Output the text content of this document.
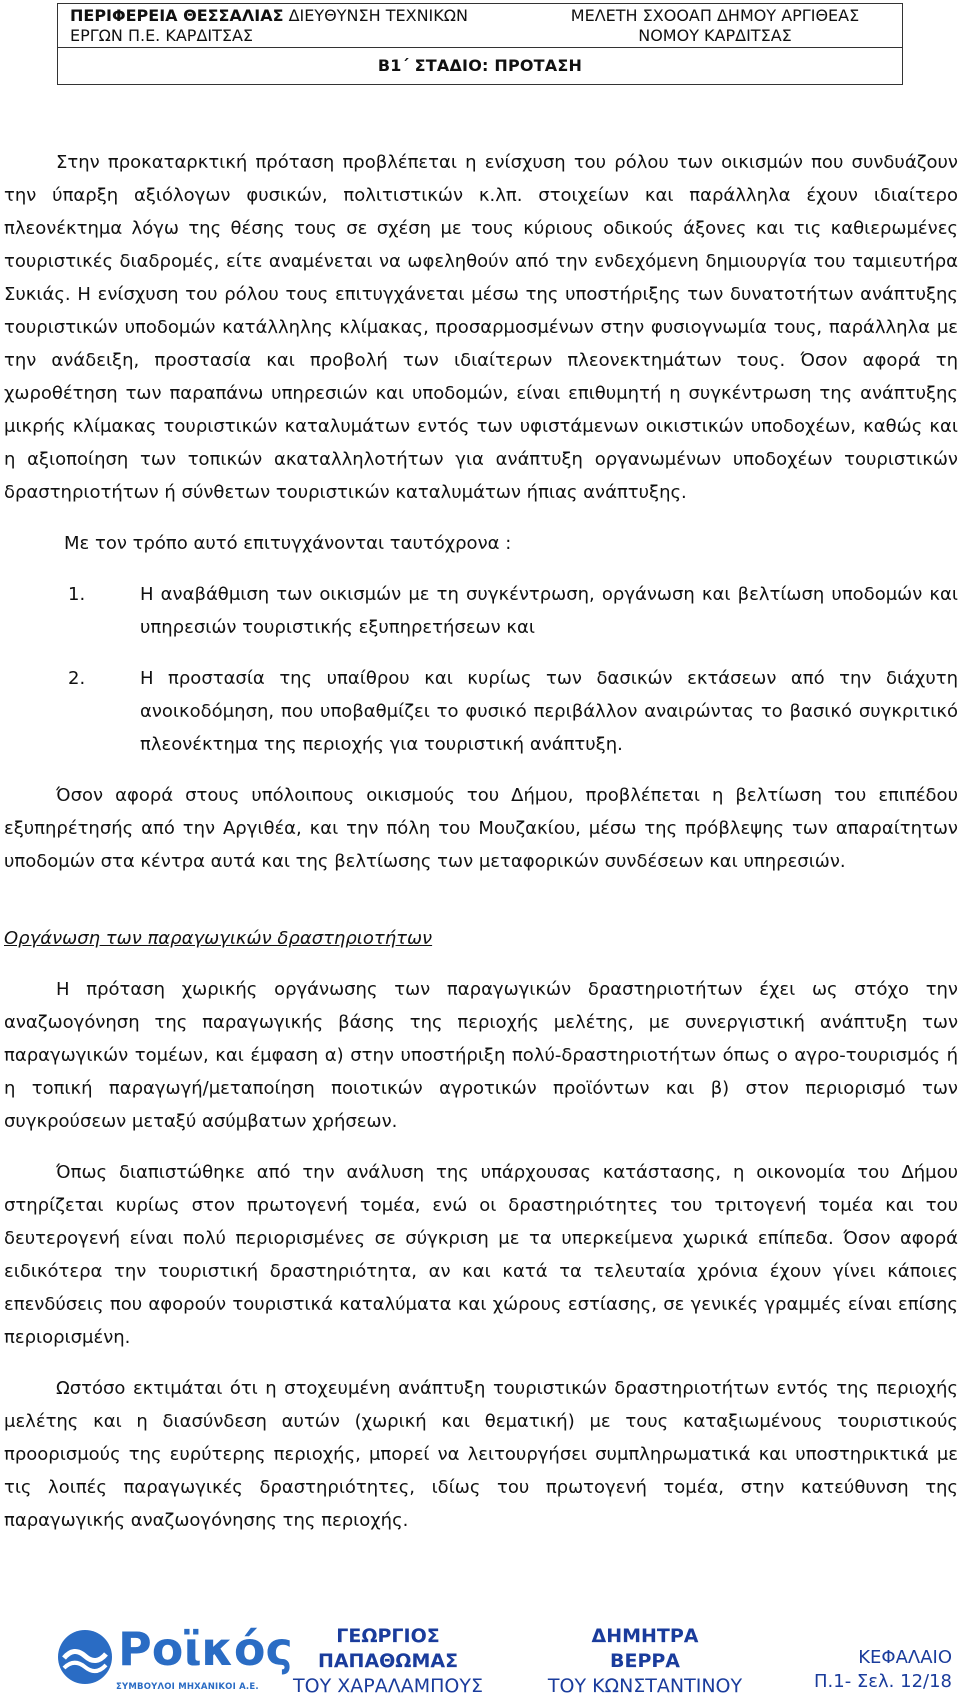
ΠΕΡΙΦΕΡΕΙΑ ΘΕΣΣΑΛΙΑΣ ΔΙΕΥΘΥΝΣΗ ΤΕΧΝΙΚΩΝ ΕΡΓΩΝ Π.Ε. ΚΑΡΔΙΤΣΑΣ
ΜΕΛΕΤΗ ΣΧΟΟΑΠ ΔΗΜΟΥ ΑΡΓΙΘΕΑΣ ΝΟΜΟΥ ΚΑΡΔΙΤΣΑΣ
Β1΄ ΣΤΑΔΙΟ: ΠΡΟΤΑΣΗ

Στην προκαταρκτική πρόταση προβλέπεται η ενίσχυση του ρόλου των οικισμών που συνδυάζουν την ύπαρξη αξιόλογων φυσικών, πολιτιστικών κ.λπ. στοιχείων και παράλληλα έχουν ιδιαίτερο πλεονέκτημα λόγω της θέσης τους σε σχέση με τους κύριους οδικούς άξονες και τις καθιερωμένες τουριστικές διαδρομές, είτε αναμένεται να ωφεληθούν από την ενδεχόμενη δημιουργία του ταμιευτήρα Συκιάς. Η ενίσχυση του ρόλου τους επιτυγχάνεται μέσω της υποστήριξης των δυνατοτήτων ανάπτυξης τουριστικών υποδομών κατάλληλης κλίμακας, προσαρμοσμένων στην φυσιογνωμία τους, παράλληλα με την ανάδειξη, προστασία και προβολή των ιδιαίτερων πλεονεκτημάτων τους. Όσον αφορά τη χωροθέτηση των παραπάνω υπηρεσιών και υποδομών, είναι επιθυμητή η συγκέντρωση της ανάπτυξης μικρής κλίμακας τουριστικών καταλυμάτων εντός των υφιστάμενων οικιστικών υποδοχέων, καθώς και η αξιοποίηση των τοπικών ακαταλληλοτήτων για ανάπτυξη οργανωμένων υποδοχέων τουριστικών δραστηριοτήτων ή σύνθετων τουριστικών καταλυμάτων ήπιας ανάπτυξης.

Με τον τρόπο αυτό επιτυγχάνονται ταυτόχρονα :

1.	Η αναβάθμιση των οικισμών με τη συγκέντρωση, οργάνωση και βελτίωση υποδομών και υπηρεσιών τουριστικής εξυπηρετήσεων και
2.	Η προστασία της υπαίθρου και κυρίως των δασικών εκτάσεων από την διάχυτη ανοικοδόμηση, που υποβαθμίζει το φυσικό περιβάλλον αναιρώντας το βασικό συγκριτικό πλεονέκτημα της περιοχής για τουριστική ανάπτυξη.

Όσον αφορά στους υπόλοιπους οικισμούς του Δήμου, προβλέπεται η βελτίωση του επιπέδου εξυπηρέτησής από την Αργιθέα, και την πόλη του Μουζακίου, μέσω της πρόβλεψης των απαραίτητων υποδομών στα κέντρα αυτά και της βελτίωσης των μεταφορικών συνδέσεων και υπηρεσιών.

Οργάνωση των παραγωγικών δραστηριοτήτων

Η πρόταση χωρικής οργάνωσης των παραγωγικών δραστηριοτήτων έχει ως στόχο την αναζωογόνηση της παραγωγικής βάσης της περιοχής μελέτης, με συνεργιστική ανάπτυξη των παραγωγικών τομέων, και έμφαση α) στην υποστήριξη πολύ-δραστηριοτήτων όπως ο αγρο-τουρισμός ή η τοπική παραγωγή/μεταποίηση ποιοτικών αγροτικών προϊόντων και β) στον περιορισμό των συγκρούσεων μεταξύ ασύμβατων χρήσεων.

Όπως διαπιστώθηκε από την ανάλυση της υπάρχουσας κατάστασης, η οικονομία του Δήμου στηρίζεται κυρίως στον πρωτογενή τομέα, ενώ οι δραστηριότητες του τριτογενή τομέα και του δευτερογενή είναι πολύ περιορισμένες σε σύγκριση με τα υπερκείμενα χωρικά επίπεδα. Όσον αφορά ειδικότερα την τουριστική δραστηριότητα, αν και κατά τα τελευταία χρόνια έχουν γίνει κάποιες επενδύσεις που αφορούν τουριστικά καταλύματα και χώρους εστίασης, σε γενικές γραμμές είναι επίσης περιορισμένη.

Ωστόσο εκτιμάται ότι η στοχευμένη ανάπτυξη τουριστικών δραστηριοτήτων εντός της περιοχής μελέτης και η διασύνδεση αυτών (χωρική και θεματική) με τους καταξιωμένους τουριστικούς προορισμούς της ευρύτερης περιοχής, μπορεί να λειτουργήσει συμπληρωματικά και υποστηρικτικά με τις λοιπές παραγωγικές δραστηριότητες, ιδίως του πρωτογενή τομέα, στην κατεύθυνση της παραγωγικής αναζωογόνησης της περιοχής.

Ροϊκός
ΣΥΜΒΟΥΛΟΙ ΜΗΧΑΝΙΚΟΙ Α.Ε.
ΓΕΩΡΓΙΟΣ
ΠΑΠΑΘΩΜΑΣ
ΤΟΥ ΧΑΡΑΛΑΜΠΟΥΣ
ΔΗΜΗΤΡΑ
ΒΕΡΡΑ
ΤΟΥ ΚΩΝΣΤΑΝΤΙΝΟΥ
ΚΕΦΑΛΑΙΟ
Π.1- Σελ. 12/18
